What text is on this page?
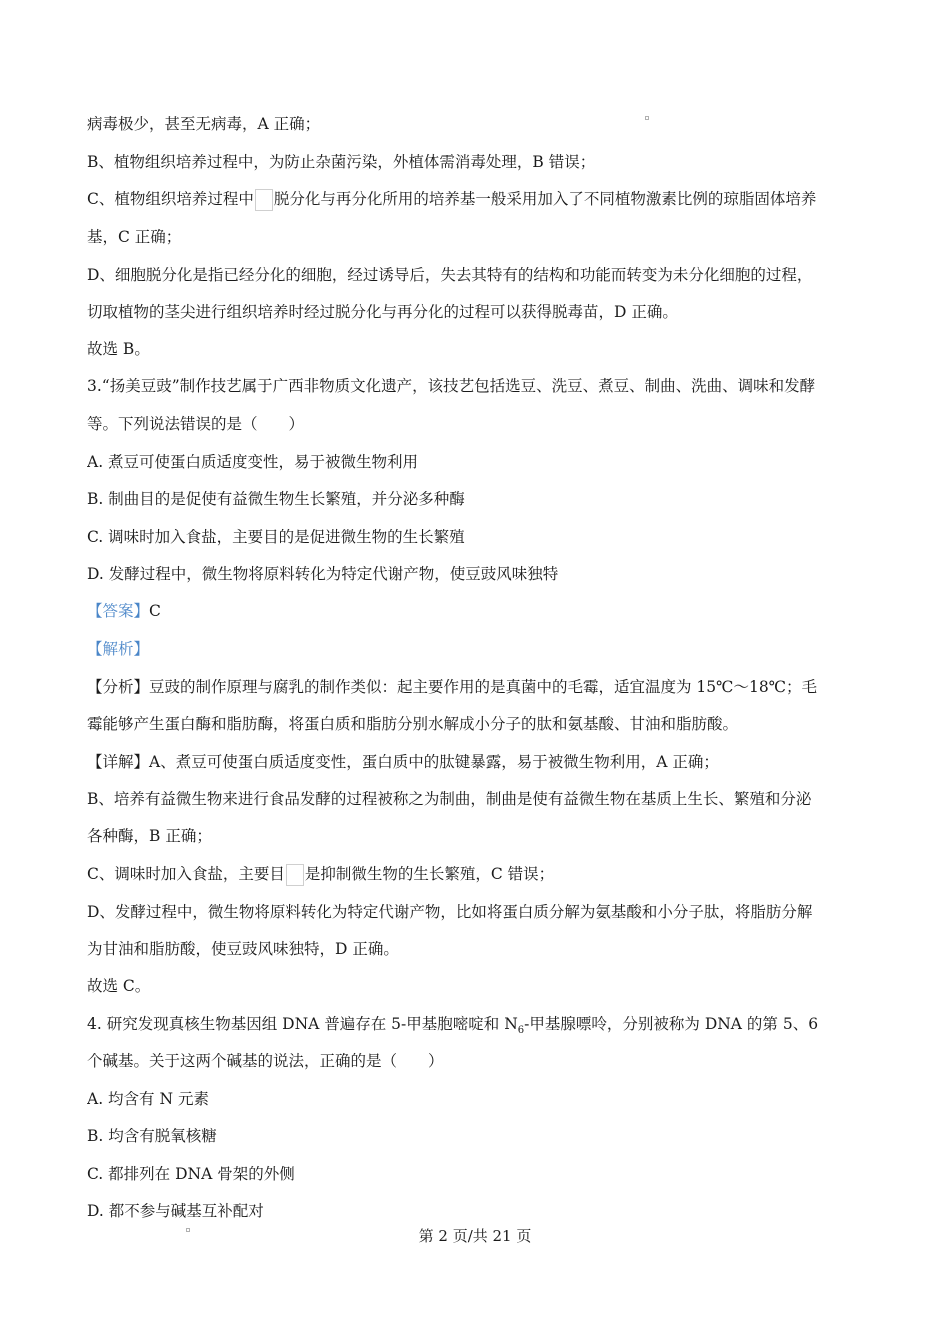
病毒极少，甚至无病毒，A 正确；
B、植物组织培养过程中，为防止杂菌污染，外植体需消毒处理，B 错误；
C、植物组织培养过程中 脱分化与再分化所用的培养基一般采用加入了不同植物激素比例的琼脂固体培养
基，C 正确；
D、细胞脱分化是指已经分化的细胞，经过诱导后，失去其特有的结构和功能而转变为未分化细胞的过程，
切取植物的茎尖进行组织培养时经过脱分化与再分化的过程可以获得脱毒苗，D 正确。
故选 B。
3.“扬美豆豉”制作技艺属于广西非物质文化遗产，该技艺包括选豆、洗豆、煮豆、制曲、洗曲、调味和发酵
等。下列说法错误的是（　　）
A. 煮豆可使蛋白质适度变性，易于被微生物利用
B. 制曲目的是促使有益微生物生长繁殖，并分泌多种酶
C. 调味时加入食盐，主要目的是促进微生物的生长繁殖
D. 发酵过程中，微生物将原料转化为特定代谢产物，使豆豉风味独特
【答案】C
【解析】
【分析】豆豉的制作原理与腐乳的制作类似：起主要作用的是真菌中的毛霉，适宜温度为 15℃～18℃；毛
霉能够产生蛋白酶和脂肪酶，将蛋白质和脂肪分别水解成小分子的肽和氨基酸、甘油和脂肪酸。
【详解】A、煮豆可使蛋白质适度变性，蛋白质中的肽键暴露，易于被微生物利用，A 正确；
B、培养有益微生物来进行食品发酵的过程被称之为制曲，制曲是使有益微生物在基质上生长、繁殖和分泌
各种酶，B 正确；
C、调味时加入食盐，主要目 是抑制微生物的生长繁殖，C 错误；
D、发酵过程中，微生物将原料转化为特定代谢产物，比如将蛋白质分解为氨基酸和小分子肽，将脂肪分解
为甘油和脂肪酸，使豆豉风味独特，D 正确。
故选 C。
4. 研究发现真核生物基因组 DNA 普遍存在 5-甲基胞嘧啶和 $N_6-$甲基腺嘌呤，分别被称为 DNA 的第 5、6
个碱基。关于这两个碱基的说法，正确的是（　　）
A. 均含有 N 元素
B. 均含有脱氧核糖
C. 都排列在 DNA 骨架的外侧
D. 都不参与碱基互补配对
第 2 页/共 21 页
